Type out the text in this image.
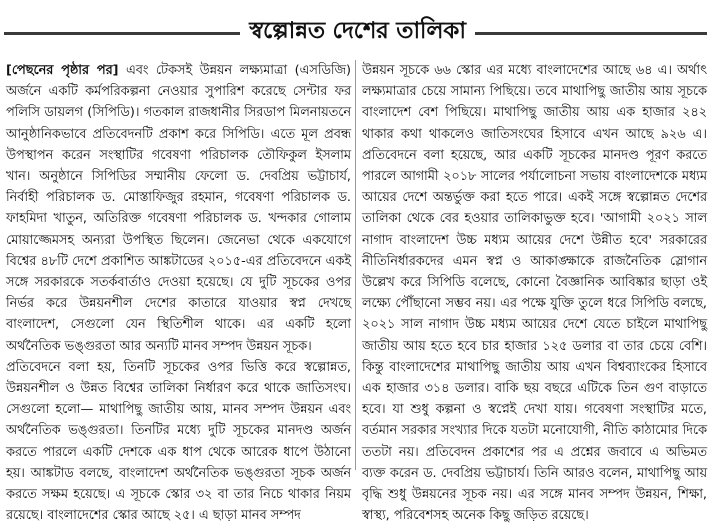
স্বল্পোন্নত দেশের তালিকা

[পেছনের পৃষ্ঠার পর] এবং টেকসই উন্নয়ন লক্ষ্যমাত্রা (এসডিজি) অর্জনে একটি কর্মপরিকল্পনা নেওয়ার সুপারিশ করেছে সেন্টার ফর পলিসি ডায়লগ (সিপিডি)। গতকাল রাজধানীর সিরডাপ মিলনায়তনে আনুষ্ঠানিকভাবে প্রতিবেদনটি প্রকাশ করে সিপিডি। এতে মূল প্রবন্ধ উপস্থাপন করেন সংস্থাটির গবেষণা পরিচালক তৌফিকুল ইসলাম খান। অনুষ্ঠানে সিপিডির সম্মানীয় ফেলো ড. দেবপ্রিয় ভট্টাচার্য, নির্বাহী পরিচালক ড. মোস্তাফিজুর রহমান, গবেষণা পরিচালক ড. ফাহমিদা খাতুন, অতিরিক্ত গবেষণা পরিচালক ড. খন্দকার গোলাম মোয়াজ্জেমসহ অন্যরা উপস্থিত ছিলেন। জেনেভা থেকে একযোগে বিশ্বের ৪৮টি দেশে প্রকাশিত আঙ্কটাডের ২০১৫-এর প্রতিবেদনে একই সঙ্গে সরকারকে সতর্কবার্তাও দেওয়া হয়েছে। যে দুটি সূচকের ওপর নির্ভর করে উন্নয়নশীল দেশের কাতারে যাওয়ার স্বপ্ন দেখছে বাংলাদেশ, সেগুলো যেন স্থিতিশীল থাকে। এর একটি হলো অর্থনৈতিক ভঙ্গুরতা আর অন্যটি মানব সম্পদ উন্নয়ন সূচক।

প্রতিবেদনে বলা হয়, তিনটি সূচকের ওপর ভিত্তি করে স্বল্পোন্নত, উন্নয়নশীল ও উন্নত বিশ্বের তালিকা নির্ধারণ করে থাকে জাতিসংঘ। সেগুলো হলো— মাথাপিছু জাতীয় আয়, মানব সম্পদ উন্নয়ন এবং অর্থনৈতিক ভঙ্গুরতা। তিনটির মধ্যে দুটি সূচকের মানদণ্ড অর্জন করতে পারলে একটি দেশকে এক ধাপ থেকে আরেক ধাপে উঠানো হয়। আঙ্কটাড বলছে, বাংলাদেশ অর্থনৈতিক ভঙ্গুরতা সূচক অর্জন করতে সক্ষম হয়েছে। এ সূচকে স্কোর ৩২ বা তার নিচে থাকার নিয়ম রয়েছে। বাংলাদেশের স্কোর আছে ২৫। এ ছাড়া মানব সম্পদ

উন্নয়ন সূচকে ৬৬ স্কোর এর মধ্যে বাংলাদেশের আছে ৬৪ এ। অর্থাৎ লক্ষ্যমাত্রার চেয়ে সামান্য পিছিয়ে। তবে মাথাপিছু জাতীয় আয় সূচকে বাংলাদেশ বেশ পিছিয়ে। মাথাপিছু জাতীয় আয় এক হাজার ২৪২ থাকার কথা থাকলেও জাতিসংঘের হিসাবে এখন আছে ৯২৬ এ। প্রতিবেদনে বলা হয়েছে, আর একটি সূচকের মানদণ্ড পূরণ করতে পারলে আগামী ২০১৮ সালের পর্যালোচনা সভায় বাংলাদেশকে মধ্যম আয়ের দেশে অন্তর্ভুক্ত করা হতে পারে। একই সঙ্গে স্বল্পোন্নত দেশের তালিকা থেকে বের হওয়ার তালিকাভুক্ত হবে। 'আগামী ২০২১ সাল নাগাদ বাংলাদেশ উচ্চ মধ্যম আয়ের দেশে উন্নীত হবে' সরকারের নীতিনির্ধারকদের এমন স্বপ্ন ও আকাঙ্ক্ষাকে রাজনৈতিক স্লোগান উল্লেখ করে সিপিডি বলেছে, কোনো বৈজ্ঞানিক আবিষ্কার ছাড়া ওই লক্ষ্যে পৌঁছানো সম্ভব নয়। এর পক্ষে যুক্তি তুলে ধরে সিপিডি বলছে, ২০২১ সাল নাগাদ উচ্চ মধ্যম আয়ের দেশে যেতে চাইলে মাথাপিছু জাতীয় আয় হতে হবে চার হাজার ১২৫ ডলার বা তার চেয়ে বেশি। কিন্তু বাংলাদেশের মাথাপিছু জাতীয় আয় এখন বিশ্বব্যাংকের হিসাবে এক হাজার ৩১৪ ডলার। বাকি ছয় বছরে এটিকে তিন গুণ বাড়াতে হবে। যা শুধু কল্পনা ও স্বপ্নেই দেখা যায়। গবেষণা সংস্থাটির মতে, বর্তমান সরকার সংখ্যার দিকে যতটা মনোযোগী, নীতি কাঠামোর দিকে ততটা নয়। প্রতিবেদন প্রকাশের পর এ প্রশ্নের জবাবে এ অভিমত ব্যক্ত করেন ড. দেবপ্রিয় ভট্টাচার্য। তিনি আরও বলেন, মাথাপিছু আয় বৃদ্ধি শুধু উন্নয়নের সূচক নয়। এর সঙ্গে মানব সম্পদ উন্নয়ন, শিক্ষা, স্বাস্থ্য, পরিবেশসহ অনেক কিছু জড়িত রয়েছে।
